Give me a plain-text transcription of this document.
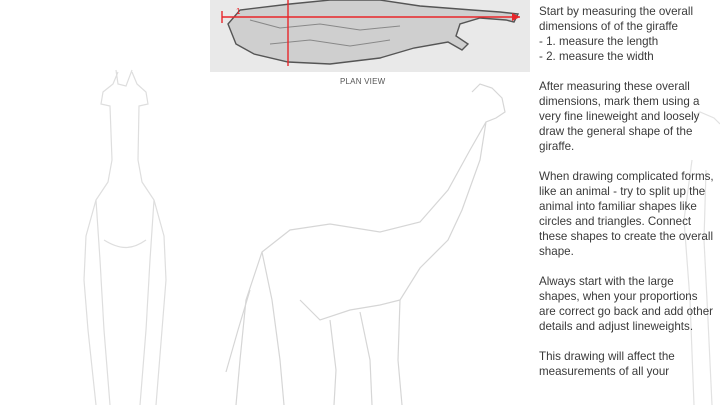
1
PLAN VIEW

Start by measuring the overall dimensions of of the giraffe
- 1. measure the length
- 2. measure the width

After measuring these overall dimensions, mark them using a very fine lineweight and loosely draw the general shape of the giraffe.

When drawing complicated forms, like an animal - try to split up the animal into familiar shapes like circles and triangles. Connect these shapes to create the overall shape.

Always start with the large shapes, when your proportions are correct go back and add other details and adjust lineweights.

This drawing will affect the measurements of all your
